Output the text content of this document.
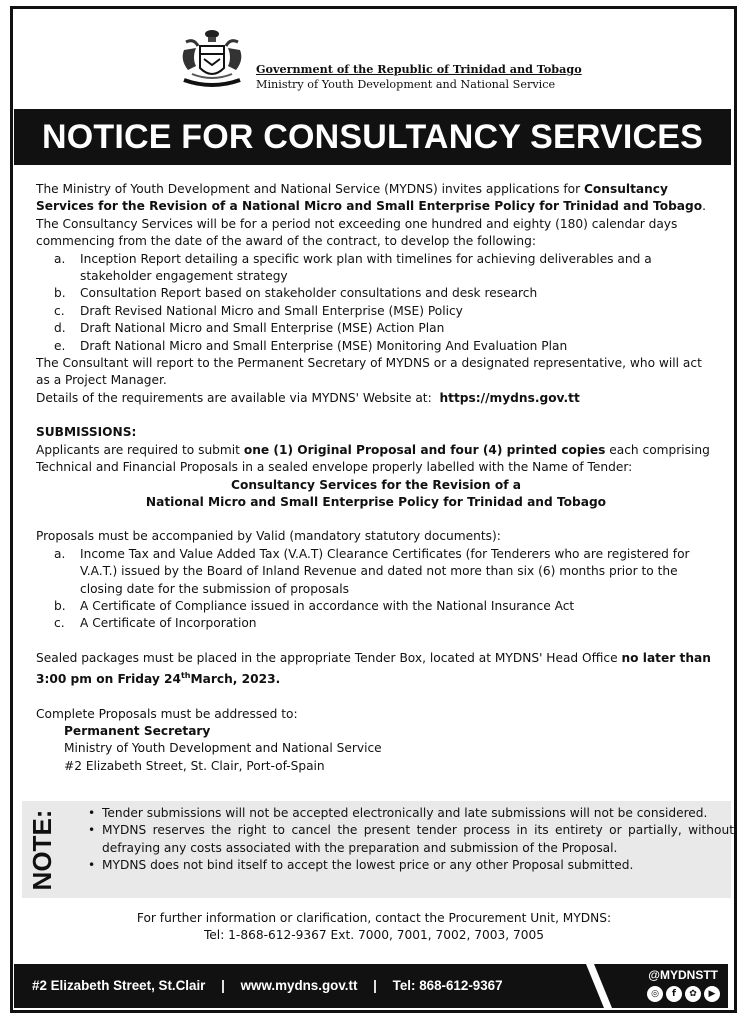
Government of the Republic of Trinidad and Tobago
Ministry of Youth Development and National Service
NOTICE FOR CONSULTANCY SERVICES

The Ministry of Youth Development and National Service (MYDNS) invites applications for Consultancy Services for the Revision of a National Micro and Small Enterprise Policy for Trinidad and Tobago. The Consultancy Services will be for a period not exceeding one hundred and eighty (180) calendar days commencing from the date of the award of the contract, to develop the following:

a.	Inception Report detailing a specific work plan with timelines for achieving deliverables and a stakeholder engagement strategy
b.	Consultation Report based on stakeholder consultations and desk research
c.	Draft Revised National Micro and Small Enterprise (MSE) Policy
d.	Draft National Micro and Small Enterprise (MSE) Action Plan
e.	Draft National Micro and Small Enterprise (MSE) Monitoring And Evaluation Plan

The Consultant will report to the Permanent Secretary of MYDNS or a designated representative, who will act as a Project Manager.

Details of the requirements are available via MYDNS' Website at: https://mydns.gov.tt

SUBMISSIONS:

Applicants are required to submit one (1) Original Proposal and four (4) printed copies each comprising Technical and Financial Proposals in a sealed envelope properly labelled with the Name of Tender:

Consultancy Services for the Revision of a

National Micro and Small Enterprise Policy for Trinidad and Tobago

Proposals must be accompanied by Valid (mandatory statutory documents):

a.	Income Tax and Value Added Tax (V.A.T) Clearance Certificates (for Tenderers who are registered for V.A.T.) issued by the Board of Inland Revenue and dated not more than six (6) months prior to the closing date for the submission of proposals
b.	A Certificate of Compliance issued in accordance with the National Insurance Act
c.	A Certificate of Incorporation

Sealed packages must be placed in the appropriate Tender Box, located at MYDNS' Head Office no later than 3:00 pm on Friday 24thMarch, 2023.

Complete Proposals must be addressed to:

Permanent Secretary

Ministry of Youth Development and National Service

#2 Elizabeth Street, St. Clair, Port-of-Spain

NOTE:
•	Tender submissions will not be accepted electronically and late submissions will not be considered.
• MYDNS reserves the right to cancel the present tender process in its entirety or partially, without defraying any costs associated with the preparation and submission of the Proposal.
• MYDNS does not bind itself to accept the lowest price or any other Proposal submitted.
For further information or clarification, contact the Procurement Unit, MYDNS:
Tel: 1-868-612-9367 Ext. 7000, 7001, 7002, 7003, 7005
#2 Elizabeth Street, St.Clair | www.mydns.gov.tt | Tel: 868-612-9367
@MYDNSTT
◎	f	✿	▶
